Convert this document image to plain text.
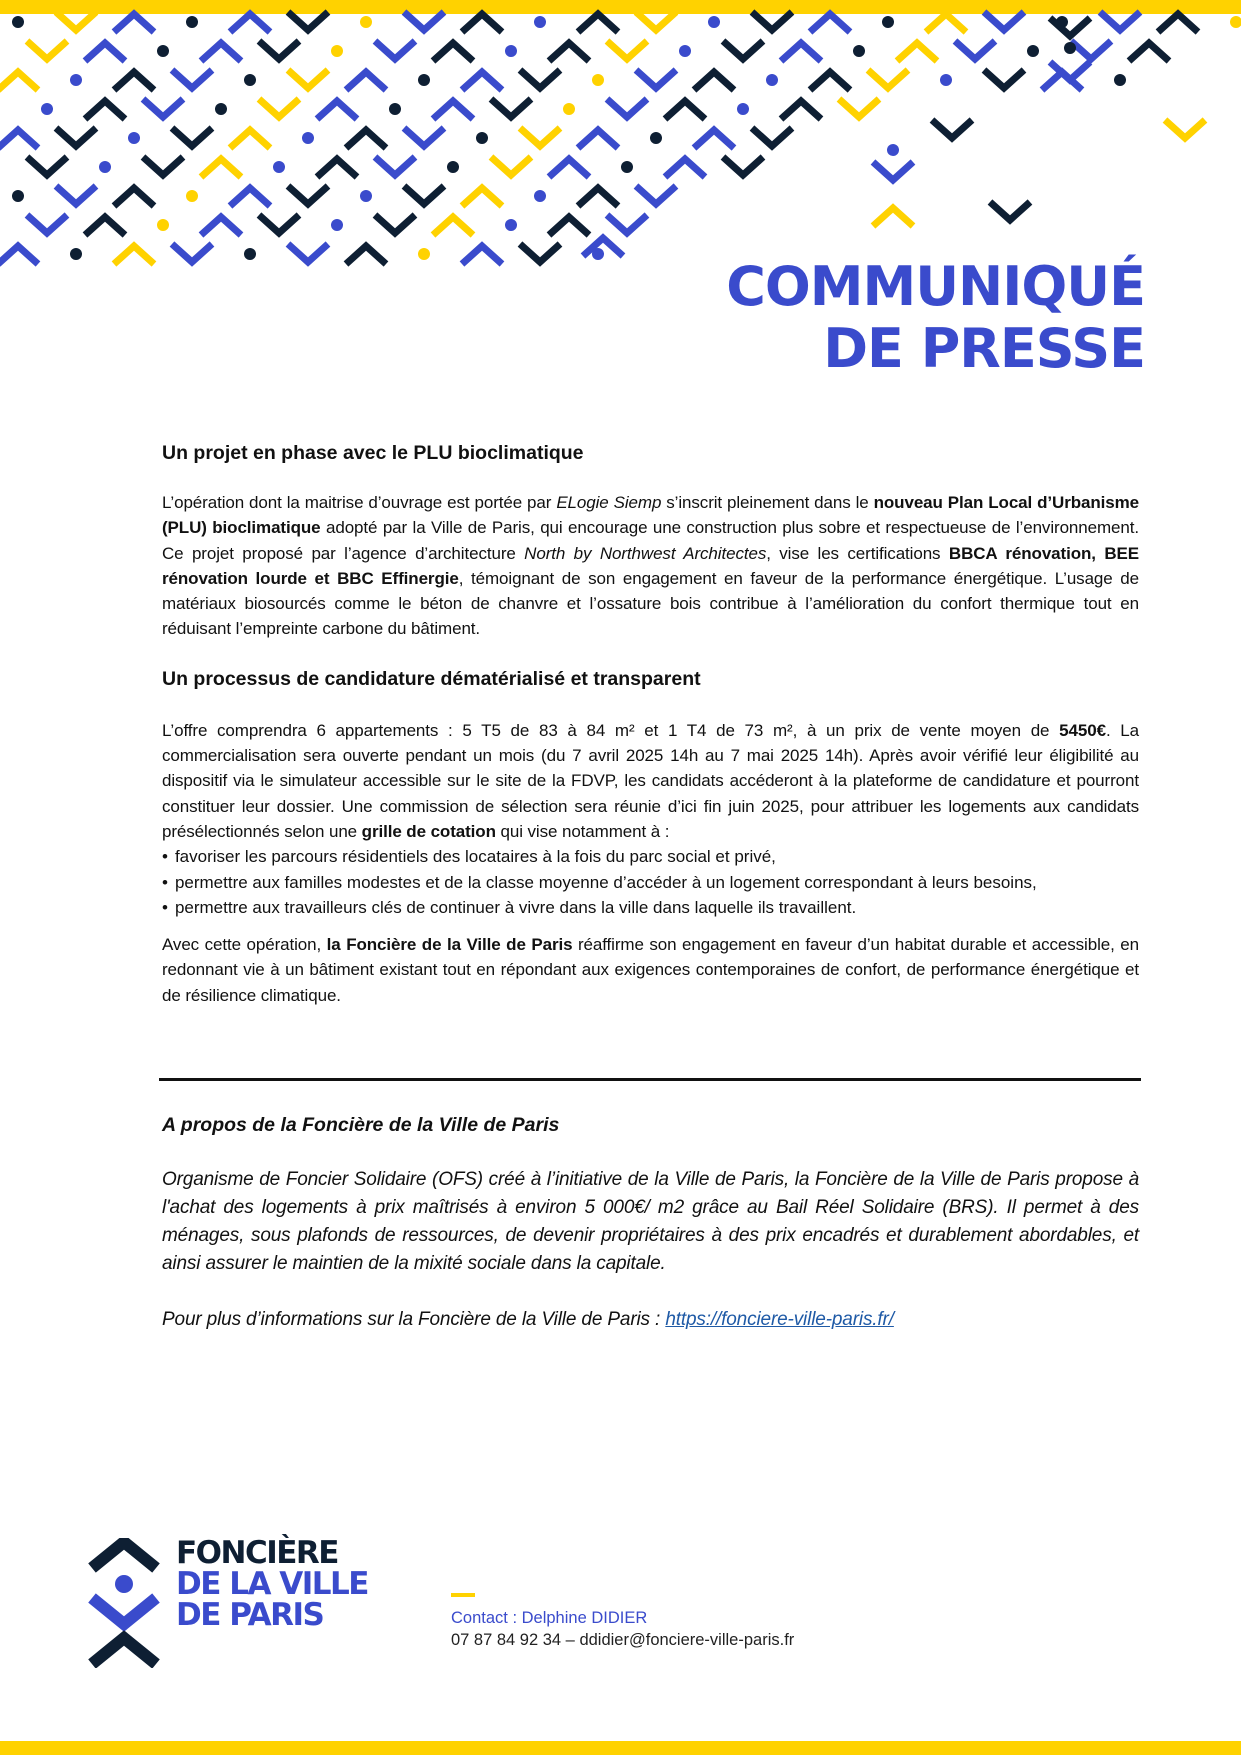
COMMUNIQUÉ
DE PRESSE
Un projet en phase avec le PLU bioclimatique

L’opération dont la maitrise d’ouvrage est portée par ELogie Siemp s’inscrit pleinement dans le nouveau Plan Local d’Urbanisme (PLU) bioclimatique adopté par la Ville de Paris, qui encourage une construction plus sobre et respectueuse de l’environnement. Ce projet proposé par l’agence d’architecture North by Northwest Architectes, vise les certifications BBCA rénovation, BEE rénovation lourde et BBC Effinergie, témoignant de son engagement en faveur de la performance énergétique. L’usage de matériaux biosourcés comme le béton de chanvre et l’ossature bois contribue à l’amélioration du confort thermique tout en réduisant l’empreinte carbone du bâtiment.

Un processus de candidature dématérialisé et transparent

L’offre comprendra 6 appartements : 5 T5 de 83 à 84 m² et 1 T4 de 73 m², à un prix de vente moyen de 5450€. La commercialisation sera ouverte pendant un mois (du 7 avril 2025 14h au 7 mai 2025 14h). Après avoir vérifié leur éligibilité au dispositif via le simulateur accessible sur le site de la FDVP, les candidats accéderont à la plateforme de candidature et pourront constituer leur dossier. Une commission de sélection sera réunie d’ici fin juin 2025, pour attribuer les logements aux candidats présélectionnés selon une grille de cotation qui vise notamment à :

• favoriser les parcours résidentiels des locataires à la fois du parc social et privé,
• permettre aux familles modestes et de la classe moyenne d’accéder à un logement correspondant à leurs besoins,
• permettre aux travailleurs clés de continuer à vivre dans la ville dans laquelle ils travaillent.

Avec cette opération, la Foncière de la Ville de Paris réaffirme son engagement en faveur d’un habitat durable et accessible, en redonnant vie à un bâtiment existant tout en répondant aux exigences contemporaines de confort, de performance énergétique et de résilience climatique.

A propos de la Foncière de la Ville de Paris

Organisme de Foncier Solidaire (OFS) créé à l’initiative de la Ville de Paris, la Foncière de la Ville de Paris propose à l'achat des logements à prix maîtrisés à environ 5 000€/ m2 grâce au Bail Réel Solidaire (BRS). Il permet à des ménages, sous plafonds de ressources, de devenir propriétaires à des prix encadrés et durablement abordables, et ainsi assurer le maintien de la mixité sociale dans la capitale.

Pour plus d’informations sur la Foncière de la Ville de Paris : https://fonciere-ville-paris.fr/

FONCIÈRE
DE LA VILLE
DE PARIS	Contact : Delphine DIDIER
07 87 84 92 34 – ddidier@fonciere-ville-paris.fr
